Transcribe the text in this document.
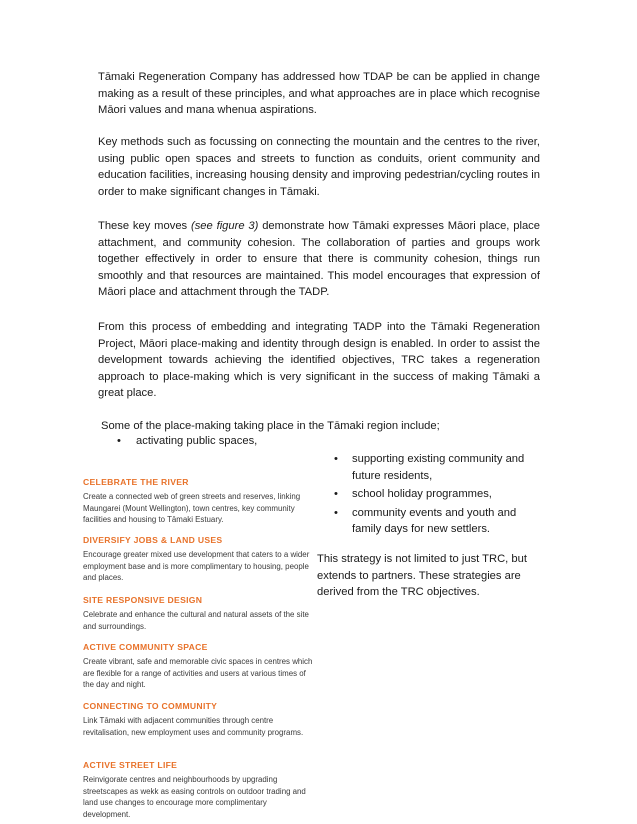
Tāmaki Regeneration Company has addressed how TDAP be can be applied in change making as a result of these principles, and what approaches are in place which recognise Māori values and mana whenua aspirations.

Key methods such as focussing on connecting the mountain and the centres to the river, using public open spaces and streets to function as conduits, orient community and education facilities, increasing housing density and improving pedestrian/cycling routes in order to make significant changes in Tāmaki.

These key moves (see figure 3) demonstrate how Tāmaki expresses Māori place, place attachment, and community cohesion. The collaboration of parties and groups work together effectively in order to ensure that there is community cohesion, things run smoothly and that resources are maintained. This model encourages that expression of Māori place and attachment through the TADP.

From this process of embedding and integrating TADP into the Tāmaki Regeneration Project, Māori place-making and identity through design is enabled. In order to assist the development towards achieving the identified objectives, TRC takes a regeneration approach to place-making which is very significant in the success of making Tāmaki a great place.

Some of the place-making taking place in the Tāmaki region include;

•	activating public spaces,

CELEBRATE THE RIVER

Create a connected web of green streets and reserves, linking Maungarei (Mount Wellington), town centres, key community facilities and housing to Tāmaki Estuary.

DIVERSIFY JOBS & LAND USES

Encourage greater mixed use development that caters to a wider employment base and is more complimentary to housing, people and places.

SITE RESPONSIVE DESIGN

Celebrate and enhance the cultural and natural assets of the site and surroundings.

ACTIVE COMMUNITY SPACE

Create vibrant, safe and memorable civic spaces in centres which are flexible for a range of activities and users at various times of the day and night.

CONNECTING TO COMMUNITY

Link Tāmaki with adjacent communities through centre revitalisation, new employment uses and community programs.

ACTIVE STREET LIFE

Reinvigorate centres and neighbourhoods by upgrading streetscapes as wekk as easing controls on outdoor trading and land use changes to encourage more complimentary development.

• supporting existing community and future residents,

• school holiday programmes,

• community events and youth and family days for new settlers.

This strategy is not limited to just TRC, but extends to partners. These strategies are derived from the TRC objectives.
